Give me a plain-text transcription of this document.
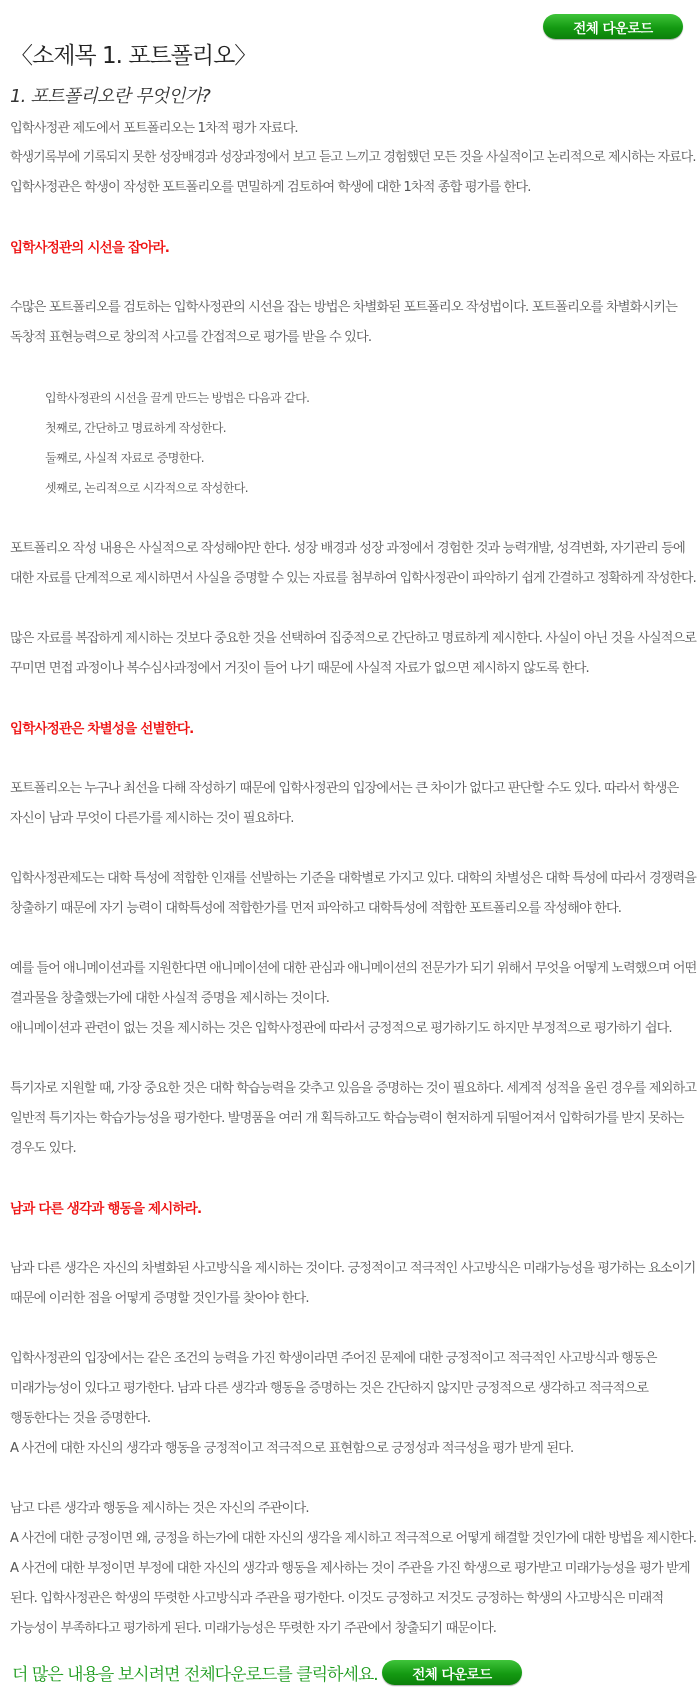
전체 다운로드
〈소제목 1. 포트폴리오〉
1. 포트폴리오란 무엇인가?
입학사정관 제도에서 포트폴리오는 1차적 평가 자료다.
학생기록부에 기록되지 못한 성장배경과 성장과정에서 보고 듣고 느끼고 경험했던 모든 것을 사실적이고 논리적으로 제시하는 자료다.
입학사정관은 학생이 작성한 포트폴리오를 면밀하게 검토하여 학생에 대한 1차적 종합 평가를 한다.
입학사정관의 시선을 잡아라.
수많은 포트폴리오를 검토하는 입학사정관의 시선을 잡는 방법은 차별화된 포트폴리오 작성법이다. 포트폴리오를 차별화시키는
독창적 표현능력으로 창의적 사고를 간접적으로 평가를 받을 수 있다.
입학사정관의 시선을 끌게 만드는 방법은 다음과 같다.
첫째로, 간단하고 명료하게 작성한다.
둘째로, 사실적 자료로 증명한다.
셋째로, 논리적으로 시각적으로 작성한다.
포트폴리오 작성 내용은 사실적으로 작성해야만 한다. 성장 배경과 성장 과정에서 경험한 것과 능력개발, 성격변화, 자기관리 등에
대한 자료를 단계적으로 제시하면서 사실을 증명할 수 있는 자료를 첨부하여 입학사정관이 파악하기 쉽게 간결하고 정확하게 작성한다.
많은 자료를 복잡하게 제시하는 것보다 중요한 것을 선택하여 집중적으로 간단하고 명료하게 제시한다. 사실이 아닌 것을 사실적으로
꾸미면 면접 과정이나 복수심사과정에서 거짓이 들어 나기 때문에 사실적 자료가 없으면 제시하지 않도록 한다.
입학사정관은 차별성을 선별한다.
포트폴리오는 누구나 최선을 다해 작성하기 때문에 입학사정관의 입장에서는 큰 차이가 없다고 판단할 수도 있다. 따라서 학생은
자신이 남과 무엇이 다른가를 제시하는 것이 필요하다.
입학사정관제도는 대학 특성에 적합한 인재를 선발하는 기준을 대학별로 가지고 있다. 대학의 차별성은 대학 특성에 따라서 경쟁력을
창출하기 때문에 자기 능력이 대학특성에 적합한가를 먼저 파악하고 대학특성에 적합한 포트폴리오를 작성해야 한다.
예를 들어 애니메이션과를 지원한다면 애니메이션에 대한 관심과 애니메이션의 전문가가 되기 위해서 무엇을 어떻게 노력했으며 어떤
결과물을 창출했는가에 대한 사실적 증명을 제시하는 것이다.
애니메이션과 관련이 없는 것을 제시하는 것은 입학사정관에 따라서 긍정적으로 평가하기도 하지만 부정적으로 평가하기 쉽다.
특기자로 지원할 때, 가장 중요한 것은 대학 학습능력을 갖추고 있음을 증명하는 것이 필요하다. 세계적 성적을 올린 경우를 제외하고
일반적 특기자는 학습가능성을 평가한다. 발명품을 여러 개 획득하고도 학습능력이 현저하게 뒤떨어져서 입학허가를 받지 못하는
경우도 있다.
남과 다른 생각과 행동을 제시하라.
남과 다른 생각은 자신의 차별화된 사고방식을 제시하는 것이다. 긍정적이고 적극적인 사고방식은 미래가능성을 평가하는 요소이기
때문에 이러한 점을 어떻게 증명할 것인가를 찾아야 한다.
입학사정관의 입장에서는 같은 조건의 능력을 가진 학생이라면 주어진 문제에 대한 긍정적이고 적극적인 사고방식과 행동은
미래가능성이 있다고 평가한다. 남과 다른 생각과 행동을 증명하는 것은 간단하지 않지만 긍정적으로 생각하고 적극적으로
행동한다는 것을 증명한다.
A 사건에 대한 자신의 생각과 행동을 긍정적이고 적극적으로 표현함으로 긍정성과 적극성을 평가 받게 된다.
남고 다른 생각과 행동을 제시하는 것은 자신의 주관이다.
A 사건에 대한 긍정이면 왜, 긍정을 하는가에 대한 자신의 생각을 제시하고 적극적으로 어떻게 해결할 것인가에 대한 방법을 제시한다.
A 사건에 대한 부정이면 부정에 대한 자신의 생각과 행동을 제사하는 것이 주관을 가진 학생으로 평가받고 미래가능성을 평가 받게
된다. 입학사정관은 학생의 뚜렷한 사고방식과 주관을 평가한다. 이것도 긍정하고 저것도 긍정하는 학생의 사고방식은 미래적
가능성이 부족하다고 평가하게 된다. 미래가능성은 뚜렷한 자기 주관에서 창출되기 때문이다.
더 많은 내용을 보시려면 전체다운로드를 클릭하세요.	전체 다운로드
